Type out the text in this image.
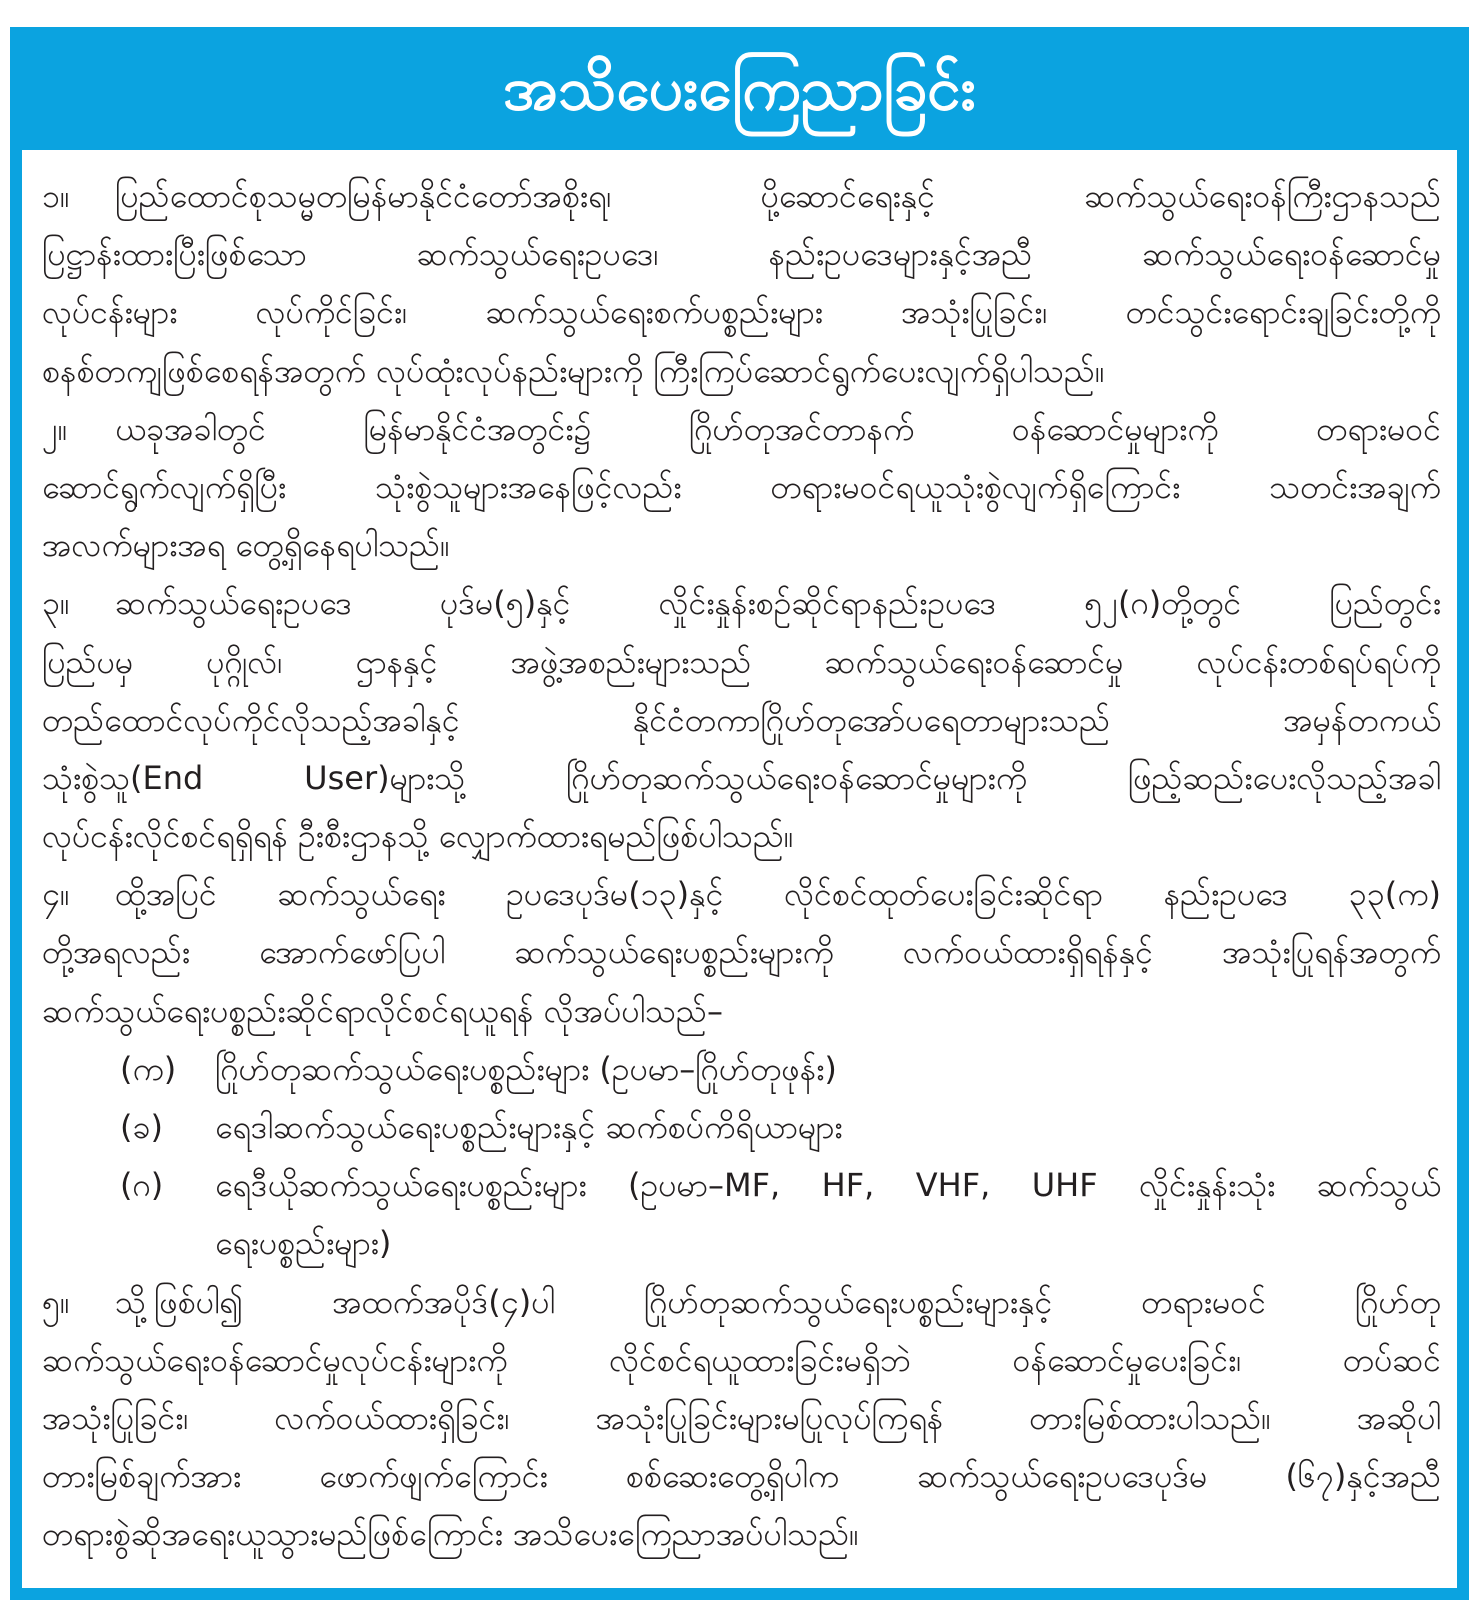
အသိပေးကြေညာခြင်း
၁။	ပြည်ထောင်စုသမ္မတမြန်မာနိုင်ငံတော်အစိုးရ၊ ပို့ဆောင်ရေးနှင့် ဆက်သွယ်ရေးဝန်ကြီးဌာနသည်
ပြဋ္ဌာန်းထားပြီးဖြစ်သော ဆက်သွယ်ရေးဥပဒေ၊ နည်းဥပဒေများနှင့်အညီ ဆက်သွယ်ရေးဝန်ဆောင်မှု
လုပ်ငန်းများ လုပ်ကိုင်ခြင်း၊ ဆက်သွယ်ရေးစက်ပစ္စည်းများ အသုံးပြုခြင်း၊ တင်သွင်းရောင်းချခြင်းတို့ကို
စနစ်တကျဖြစ်စေရန်အတွက် လုပ်ထုံးလုပ်နည်းများကို ကြီးကြပ်ဆောင်ရွက်ပေးလျက်ရှိပါသည်။
၂။	ယခုအခါတွင် မြန်မာနိုင်ငံအတွင်း၌ ဂြိုဟ်တုအင်တာနက် ဝန်ဆောင်မှုများကို တရားမဝင်
ဆောင်ရွက်လျက်ရှိပြီး သုံးစွဲသူများအနေဖြင့်လည်း တရားမဝင်ရယူသုံးစွဲလျက်ရှိကြောင်း သတင်းအချက်
အလက်များအရ တွေ့ရှိနေရပါသည်။
၃။	ဆက်သွယ်ရေးဥပဒေ ပုဒ်မ(၅)နှင့် လှိုင်းနှုန်းစဉ်ဆိုင်ရာနည်းဥပဒေ ၅၂(ဂ)တို့တွင် ပြည်တွင်း
ပြည်ပမှ ပုဂ္ဂိုလ်၊ ဌာနနှင့် အဖွဲ့အစည်းများသည် ဆက်သွယ်ရေးဝန်ဆောင်မှု လုပ်ငန်းတစ်ရပ်ရပ်ကို
တည်ထောင်လုပ်ကိုင်လိုသည့်အခါနှင့် နိုင်ငံတကာဂြိုဟ်တုအော်ပရေတာများသည် အမှန်တကယ်
သုံးစွဲသူ(End User)များသို့ ဂြိုဟ်တုဆက်သွယ်ရေးဝန်ဆောင်မှုများကို ဖြည့်ဆည်းပေးလိုသည့်အခါ
လုပ်ငန်းလိုင်စင်ရရှိရန် ဦးစီးဌာနသို့ လျှောက်ထားရမည်ဖြစ်ပါသည်။
၄။	ထို့အပြင် ဆက်သွယ်ရေး ဥပဒေပုဒ်မ(၁၃)နှင့် လိုင်စင်ထုတ်ပေးခြင်းဆိုင်ရာ နည်းဥပဒေ ၃၃(က)
တို့အရလည်း အောက်ဖော်ပြပါ ဆက်သွယ်ရေးပစ္စည်းများကို လက်ဝယ်ထားရှိရန်နှင့် အသုံးပြုရန်အတွက်
ဆက်သွယ်ရေးပစ္စည်းဆိုင်ရာလိုင်စင်ရယူရန် လိုအပ်ပါသည်–
(က)	ဂြိုဟ်တုဆက်သွယ်ရေးပစ္စည်းများ (ဥပမာ–ဂြိုဟ်တုဖုန်း)
(ခ)	ရေဒါဆက်သွယ်ရေးပစ္စည်းများနှင့် ဆက်စပ်ကိရိယာများ
(ဂ)	ရေဒီယိုဆက်သွယ်ရေးပစ္စည်းများ (ဥပမာ–MF, HF, VHF, UHF လှိုင်းနှုန်းသုံး ဆက်သွယ်
ရေးပစ္စည်းများ)
၅။	သို့ဖြစ်ပါ၍ အထက်အပိုဒ်(၄)ပါ ဂြိုဟ်တုဆက်သွယ်ရေးပစ္စည်းများနှင့် တရားမဝင် ဂြိုဟ်တု
ဆက်သွယ်ရေးဝန်ဆောင်မှုလုပ်ငန်းများကို လိုင်စင်ရယူထားခြင်းမရှိဘဲ ဝန်ဆောင်မှုပေးခြင်း၊ တပ်ဆင်
အသုံးပြုခြင်း၊ လက်ဝယ်ထားရှိခြင်း၊ အသုံးပြုခြင်းများမပြုလုပ်ကြရန် တားမြစ်ထားပါသည်။ အဆိုပါ
တားမြစ်ချက်အား ဖောက်ဖျက်ကြောင်း စစ်ဆေးတွေ့ရှိပါက ဆက်သွယ်ရေးဥပဒေပုဒ်မ (၆၇)နှင့်အညီ
တရားစွဲဆိုအရေးယူသွားမည်ဖြစ်ကြောင်း အသိပေးကြေညာအပ်ပါသည်။
